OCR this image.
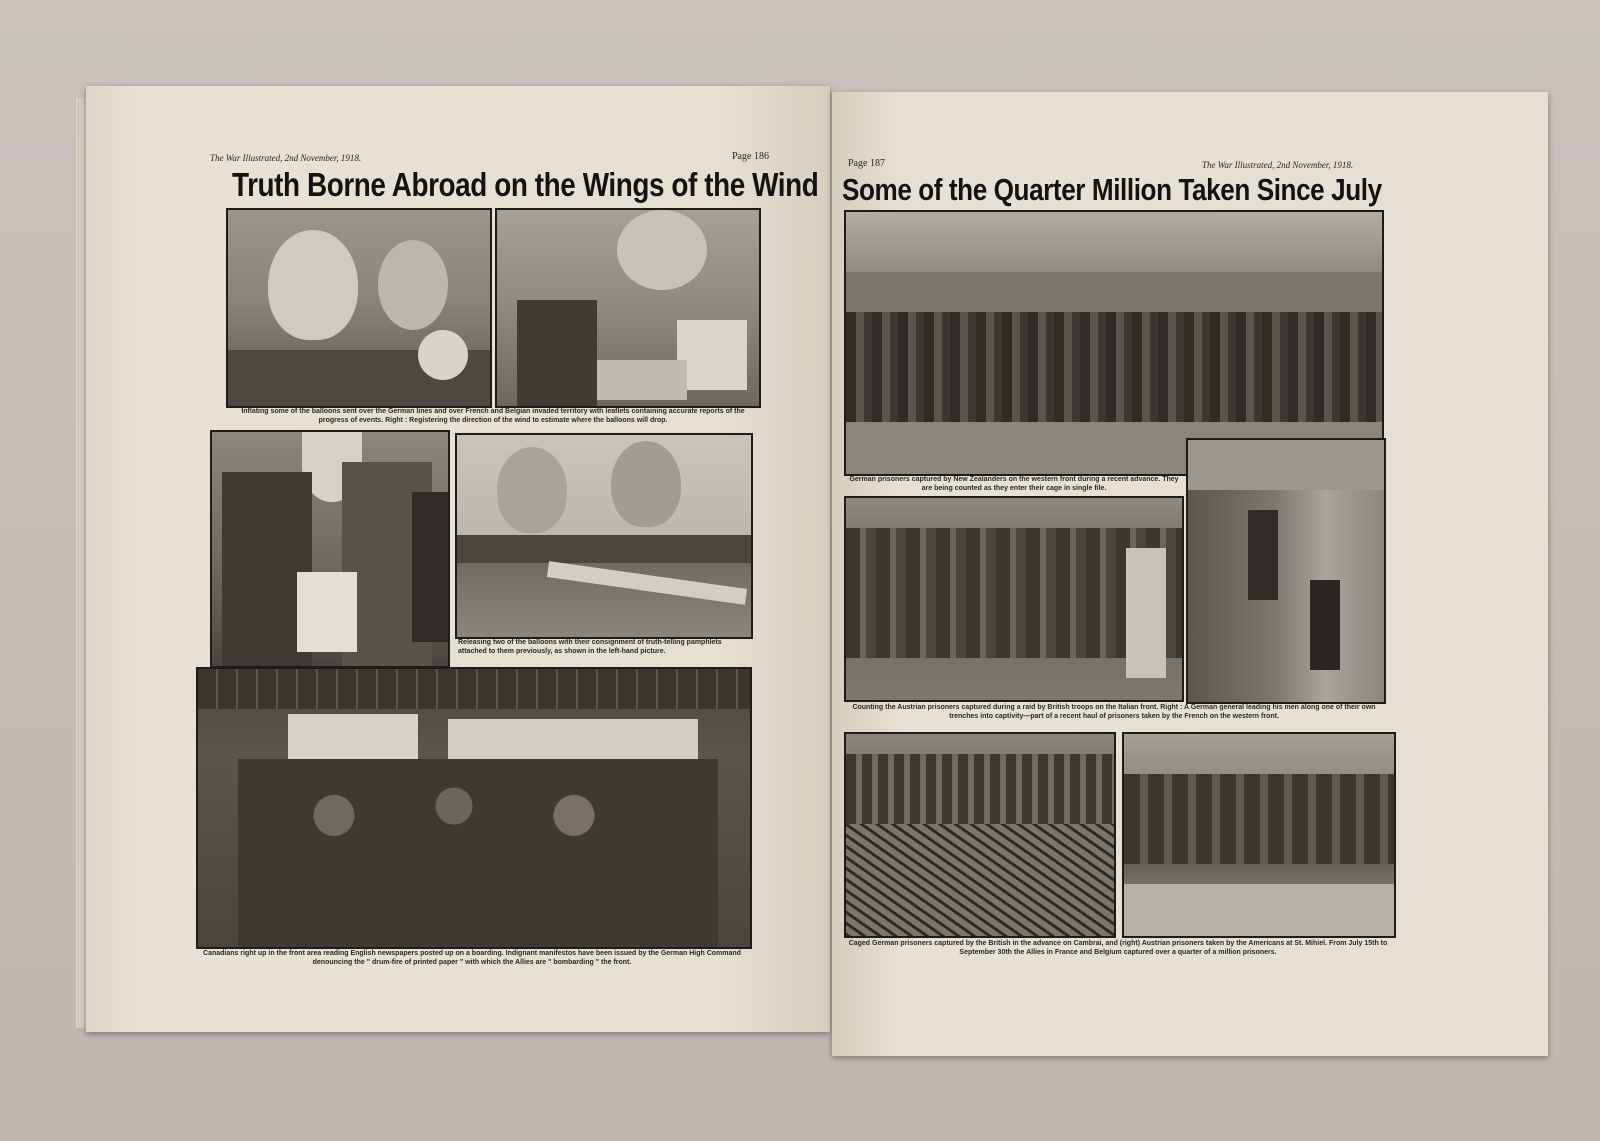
The War Illustrated, 2nd November, 1918.	Page 186
Truth Borne Abroad on the Wings of the Wind
Inflating some of the balloons sent over the German lines and over French and Belgian invaded territory with leaflets containing accurate reports of the progress of events. Right : Registering the direction of the wind to estimate where the balloons will drop.
Releasing two of the balloons with their consignment of truth-telling pamphlets attached to them previously, as shown in the left-hand picture.
Canadians right up in the front area reading English newspapers posted up on a boarding. Indignant manifestos have been issued by the German High Command denouncing the " drum-fire of printed paper " with which the Allies are " bombarding " the front.
Page 187	The War Illustrated, 2nd November, 1918.
Some of the Quarter Million Taken Since July
German prisoners captured by New Zealanders on the western front during a recent advance. They are being counted as they enter their cage in single file.
Counting the Austrian prisoners captured during a raid by British troops on the Italian front. Right : A German general leading his men along one of their own trenches into captivity—part of a recent haul of prisoners taken by the French on the western front.
Caged German prisoners captured by the British in the advance on Cambrai, and (right) Austrian prisoners taken by the Americans at St. Mihiel. From July 15th to September 30th the Allies in France and Belgium captured over a quarter of a million prisoners.
